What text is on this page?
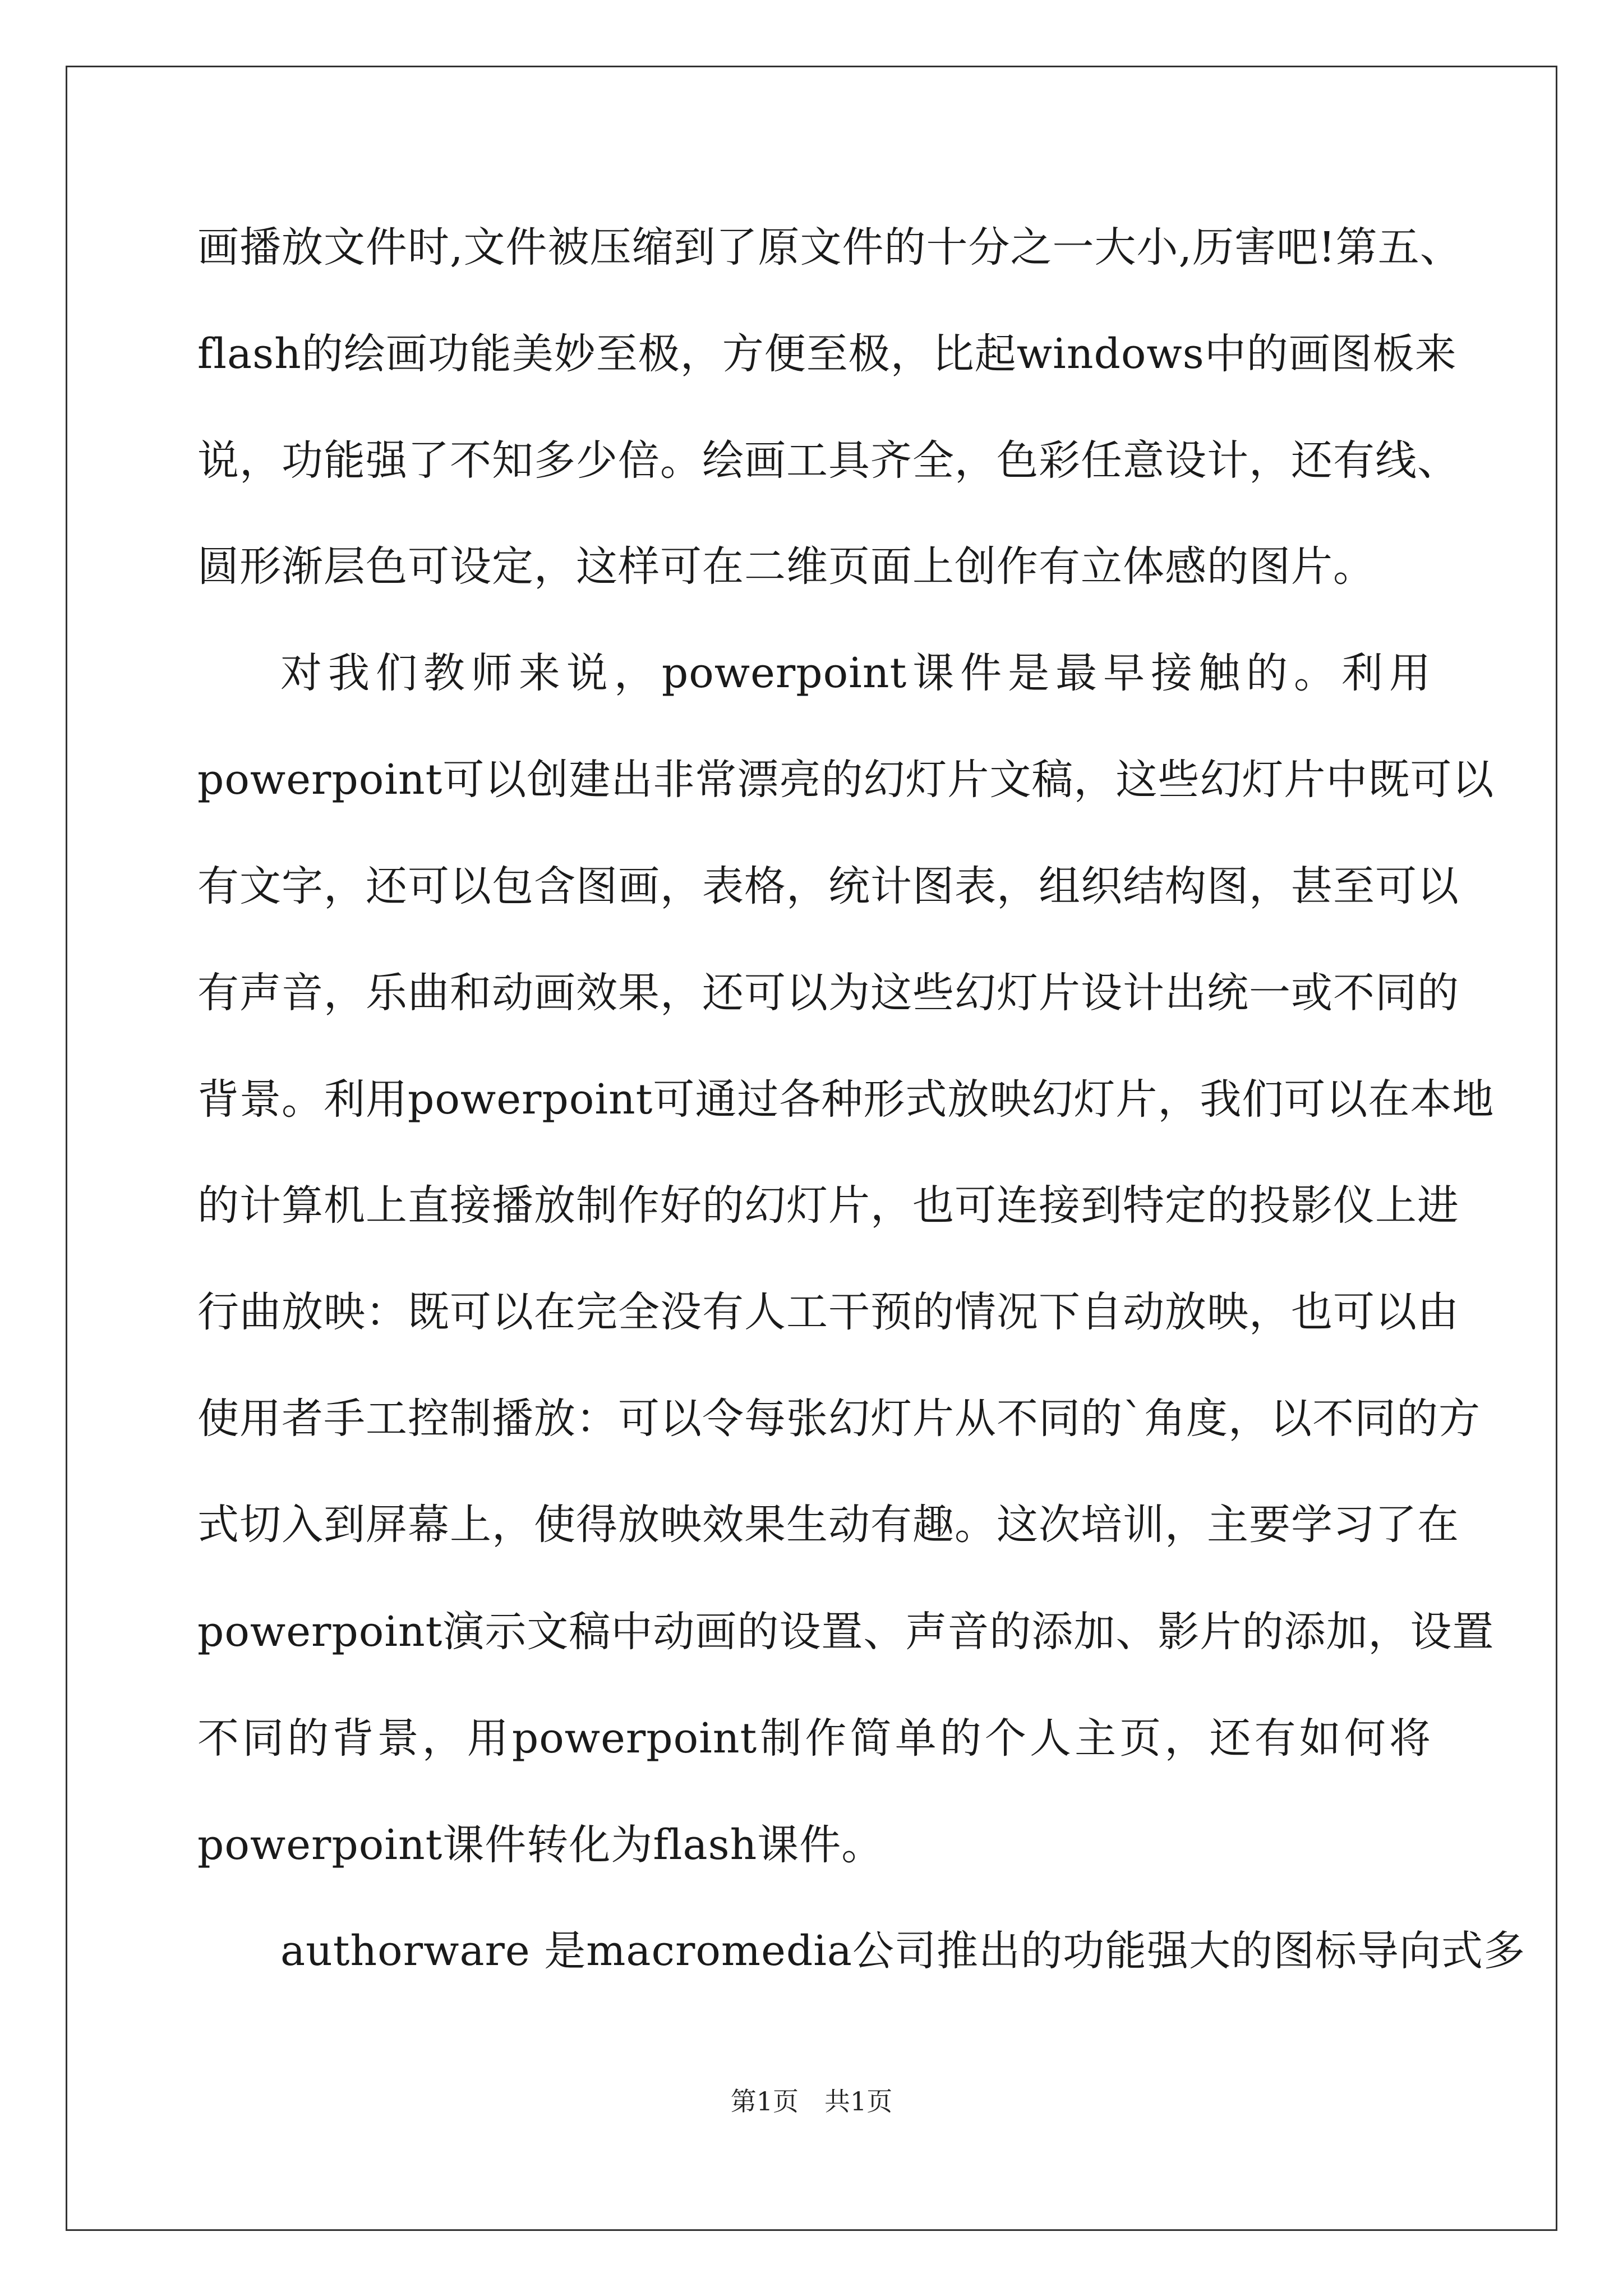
画播放文件时,文件被压缩到了原文件的十分之一大小,历害吧!第五、
flash的绘画功能美妙至极，方便至极，比起windows中的画图板来
说，功能强了不知多少倍。绘画工具齐全，色彩任意设计，还有线、
圆形渐层色可设定，这样可在二维页面上创作有立体感的图片。
对我们教师来说，powerpoint课件是最早接触的。利用
powerpoint可以创建出非常漂亮的幻灯片文稿，这些幻灯片中既可以
有文字，还可以包含图画，表格，统计图表，组织结构图，甚至可以
有声音，乐曲和动画效果，还可以为这些幻灯片设计出统一或不同的
背景。利用powerpoint可通过各种形式放映幻灯片，我们可以在本地
的计算机上直接播放制作好的幻灯片，也可连接到特定的投影仪上进
行曲放映：既可以在完全没有人工干预的情况下自动放映，也可以由
使用者手工控制播放：可以令每张幻灯片从不同的`角度，以不同的方
式切入到屏幕上，使得放映效果生动有趣。这次培训，主要学习了在
powerpoint演示文稿中动画的设置、声音的添加、影片的添加，设置
不同的背景，用powerpoint制作简单的个人主页，还有如何将
powerpoint课件转化为flash课件。
authorware 是macromedia公司推出的功能强大的图标导向式多
第1页　共1页
